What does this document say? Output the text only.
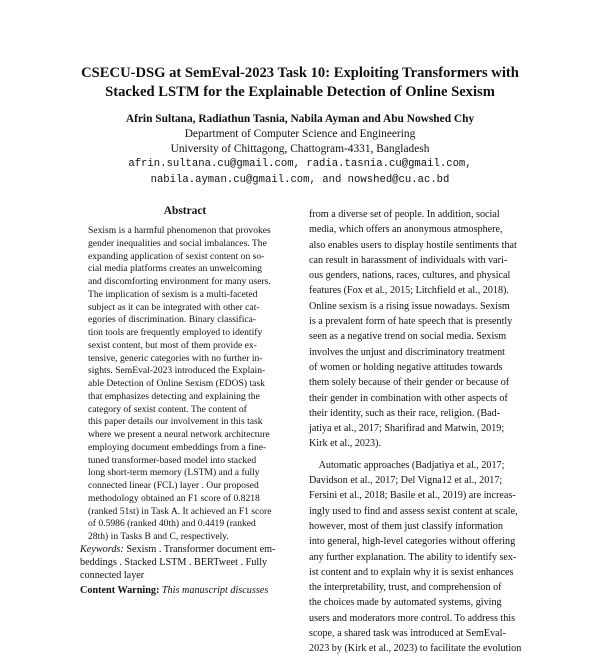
CSECU-DSG at SemEval-2023 Task 10: Exploiting Transformers with
Stacked LSTM for the Explainable Detection of Online Sexism
Afrin Sultana, Radiathun Tasnia, Nabila Ayman and Abu Nowshed Chy
Department of Computer Science and Engineering
University of Chittagong, Chattogram-4331, Bangladesh
afrin.sultana.cu@gmail.com, radia.tasnia.cu@gmail.com,
nabila.ayman.cu@gmail.com, and nowshed@cu.ac.bd
Abstract
Sexism is a harmful phenomenon that provokes
gender inequalities and social imbalances. The
expanding application of sexist content on so-
cial media platforms creates an unwelcoming
and discomforting environment for many users.
The implication of sexism is a multi-faceted
subject as it can be integrated with other cat-
egories of discrimination. Binary classifica-
tion tools are frequently employed to identify
sexist content, but most of them provide ex-
tensive, generic categories with no further in-
sights. SemEval-2023 introduced the Explain-
able Detection of Online Sexism (EDOS) task
that emphasizes detecting and explaining the
category of sexist content. The content of
this paper details our involvement in this task
where we present a neural network architecture
employing document embeddings from a fine-
tuned transformer-based model into stacked
long short-term memory (LSTM) and a fully
connected linear (FCL) layer . Our proposed
methodology obtained an F1 score of 0.8218
(ranked 51st) in Task A. It achieved an F1 score
of 0.5986 (ranked 40th) and 0.4419 (ranked
28th) in Tasks B and C, respectively.
Keywords: Sexism . Transformer document em-
beddings . Stacked LSTM . BERTweet . Fully
connected layer
Content Warning: This manuscript discusses
from a diverse set of people. In addition, social
media, which offers an anonymous atmosphere,
also enables users to display hostile sentiments that
can result in harassment of individuals with vari-
ous genders, nations, races, cultures, and physical
features (Fox et al., 2015; Litchfield et al., 2018).
Online sexism is a rising issue nowadays. Sexism
is a prevalent form of hate speech that is presently
seen as a negative trend on social media. Sexism
involves the unjust and discriminatory treatment
of women or holding negative attitudes towards
them solely because of their gender or because of
their gender in combination with other aspects of
their identity, such as their race, religion. (Bad-
jatiya et al., 2017; Sharifirad and Matwin, 2019;
Kirk et al., 2023).
Automatic approaches (Badjatiya et al., 2017;
Davidson et al., 2017; Del Vigna12 et al., 2017;
Fersini et al., 2018; Basile et al., 2019) are increas-
ingly used to find and assess sexist content at scale,
however, most of them just classify information
into general, high-level categories without offering
any further explanation. The ability to identify sex-
ist content and to explain why it is sexist enhances
the interpretability, trust, and comprehension of
the choices made by automated systems, giving
users and moderators more control. To address this
scope, a shared task was introduced at SemEval-
2023 by (Kirk et al., 2023) to facilitate the evolution
